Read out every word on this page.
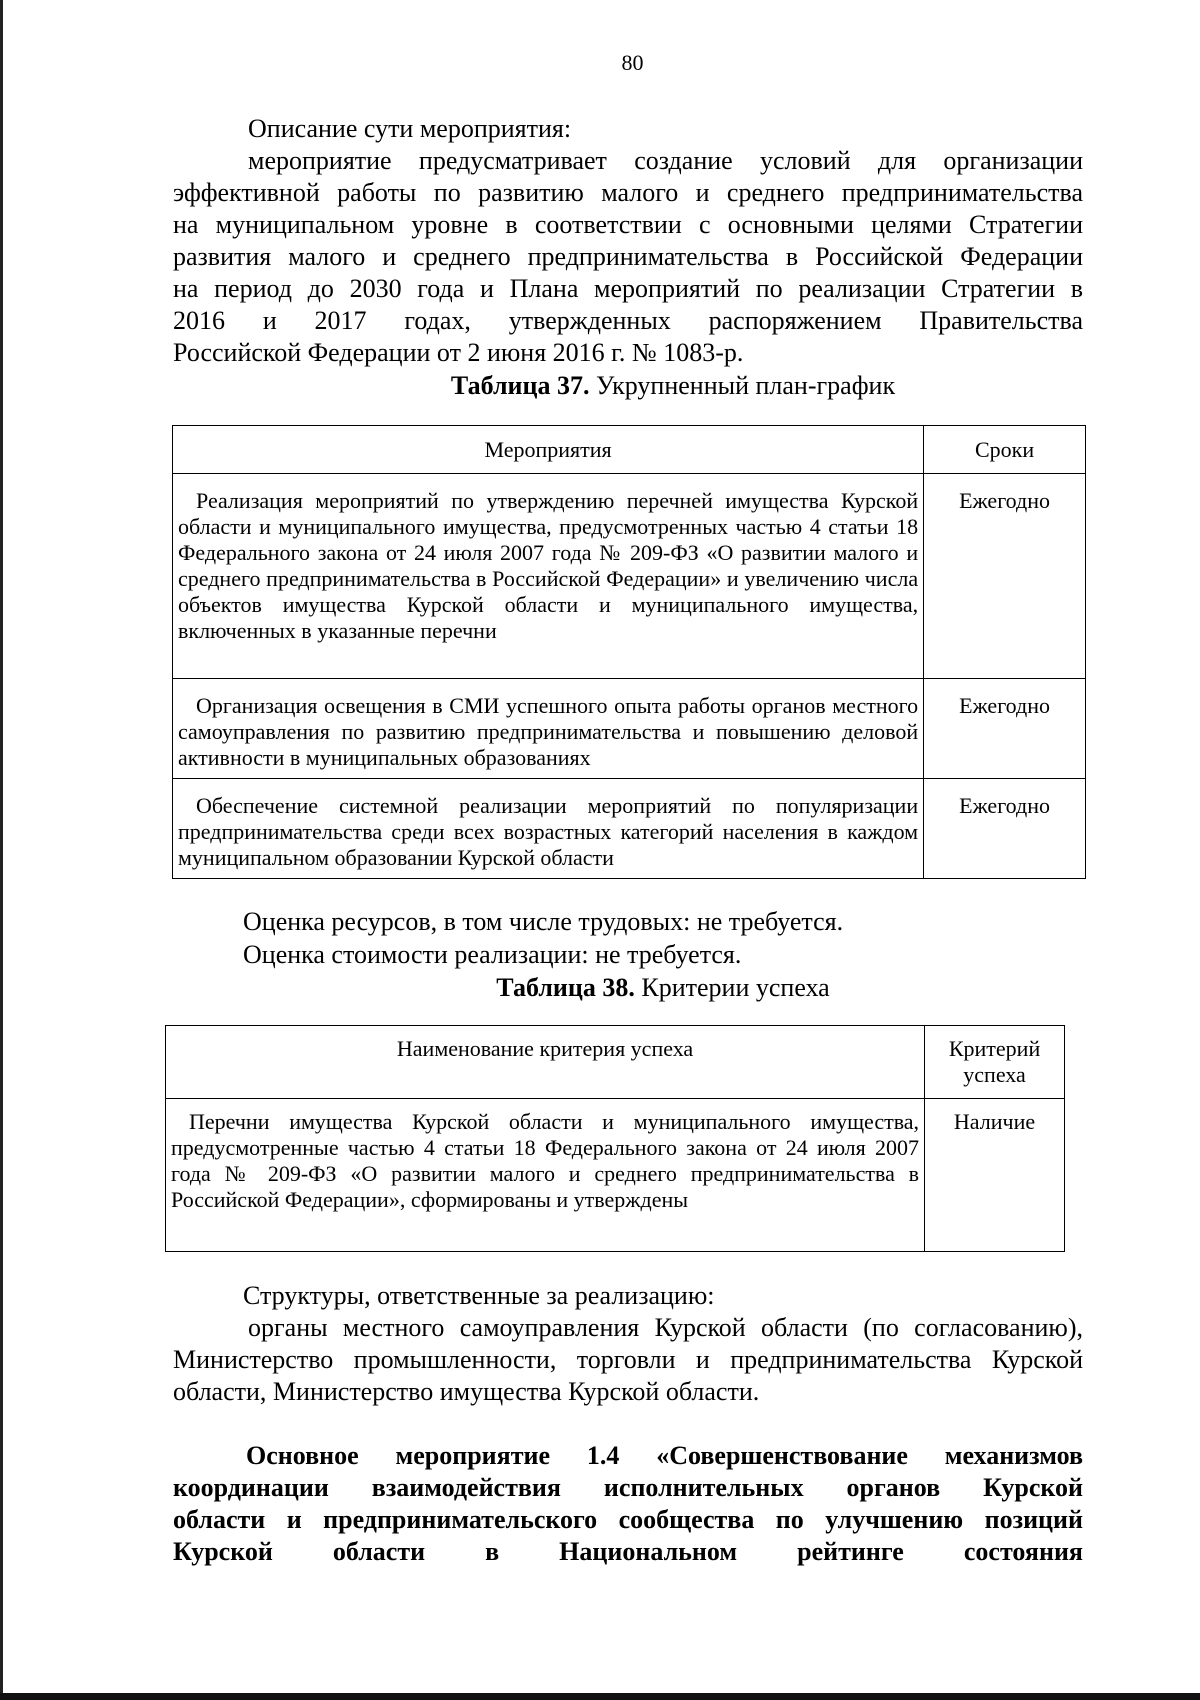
80
Описание сути мероприятия:
мероприятие предусматривает создание условий для организации
эффективной работы по развитию малого и среднего предпринимательства
на муниципальном уровне в соответствии с основными целями Стратегии
развития малого и среднего предпринимательства в Российской Федерации
на период до 2030 года и Плана мероприятий по реализации Стратегии в
2016 и 2017 годах, утвержденных распоряжением Правительства
Российской Федерации от 2 июня 2016 г. № 1083-р.
Таблица 37. Укрупненный план-график
Мероприятия	Сроки
Реализация мероприятий по утверждению перечней имущества Курской области и муниципального имущества, предусмотренных частью 4 статьи 18 Федерального закона от 24 июля 2007 года № 209-ФЗ «О развитии малого и среднего предпринимательства в Российской Федерации» и увеличению числа объектов имущества Курской области и муниципального имущества, включенных в указанные перечни	Ежегодно
Организация освещения в СМИ успешного опыта работы органов местного самоуправления по развитию предпринимательства и повышению деловой активности в муниципальных образованиях	Ежегодно
Обеспечение системной реализации мероприятий по популяризации предпринимательства среди всех возрастных категорий населения в каждом муниципальном образовании Курской области	Ежегодно
Оценка ресурсов, в том числе трудовых: не требуется.
Оценка стоимости реализации: не требуется.
Таблица 38. Критерии успеха
Наименование критерия успеха	Критерий успеха
Перечни имущества Курской области и муниципального имущества, предусмотренные частью 4 статьи 18 Федерального закона от 24 июля 2007 года № 209-ФЗ «О развитии малого и среднего предпринимательства в Российской Федерации», сформированы и утверждены	Наличие
Структуры, ответственные за реализацию:
органы местного самоуправления Курской области (по согласованию), Министерство промышленности, торговли и предпринимательства Курской области, Министерство имущества Курской области.
Основное мероприятие 1.4 «Совершенствование механизмов
координации взаимодействия исполнительных органов Курской
области и предпринимательского сообщества по улучшению позиций
Курской области в Национальном рейтинге состояния
